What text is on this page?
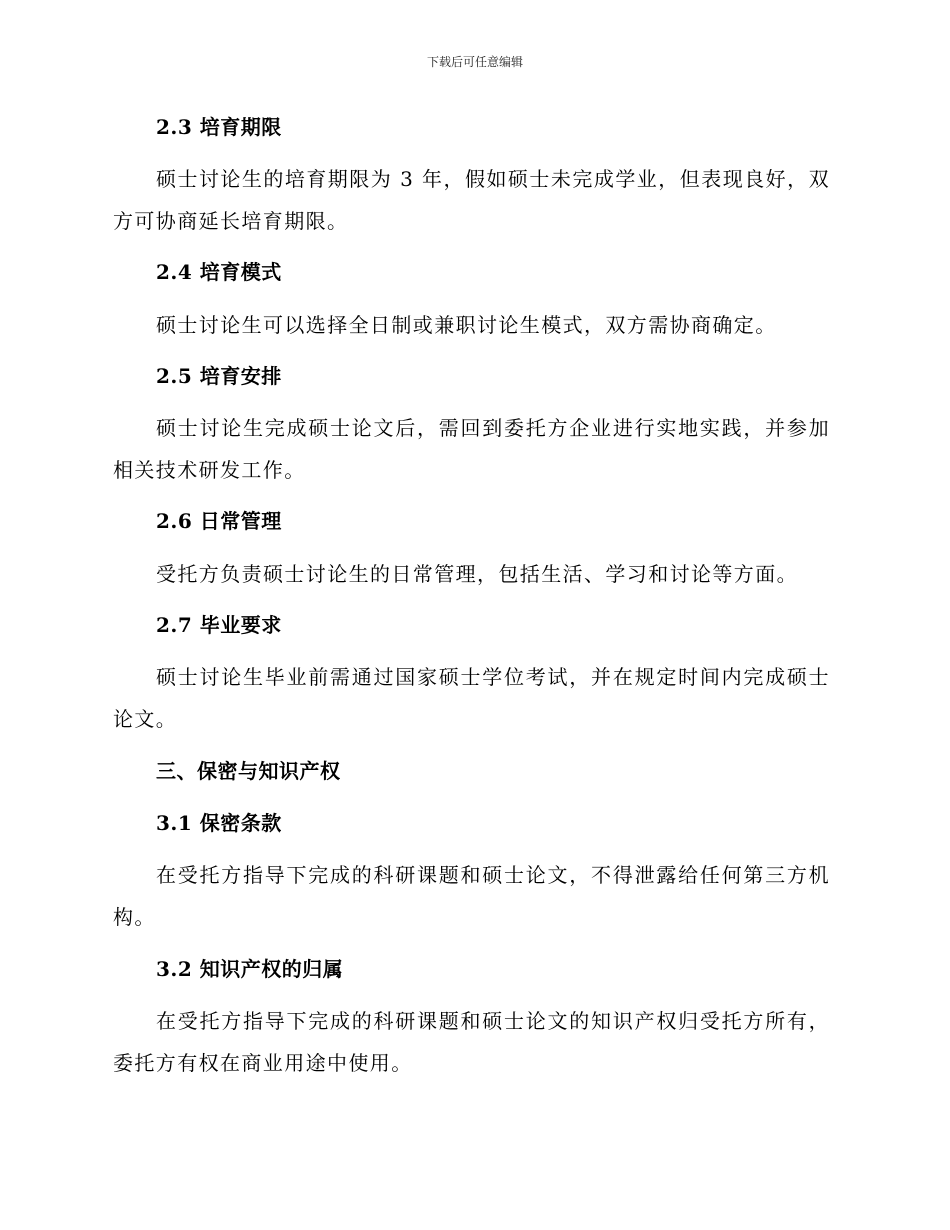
下载后可任意编辑
2.3 培育期限

硕士讨论生的培育期限为 3 年，假如硕士未完成学业，但表现良好，双方可协商延长培育期限。

2.4 培育模式

硕士讨论生可以选择全日制或兼职讨论生模式，双方需协商确定。

2.5 培育安排

硕士讨论生完成硕士论文后，需回到委托方企业进行实地实践，并参加相关技术研发工作。

2.6 日常管理

受托方负责硕士讨论生的日常管理，包括生活、学习和讨论等方面。

2.7 毕业要求

硕士讨论生毕业前需通过国家硕士学位考试，并在规定时间内完成硕士论文。

三、保密与知识产权
3.1 保密条款

在受托方指导下完成的科研课题和硕士论文，不得泄露给任何第三方机构。

3.2 知识产权的归属

在受托方指导下完成的科研课题和硕士论文的知识产权归受托方所有，委托方有权在商业用途中使用。
